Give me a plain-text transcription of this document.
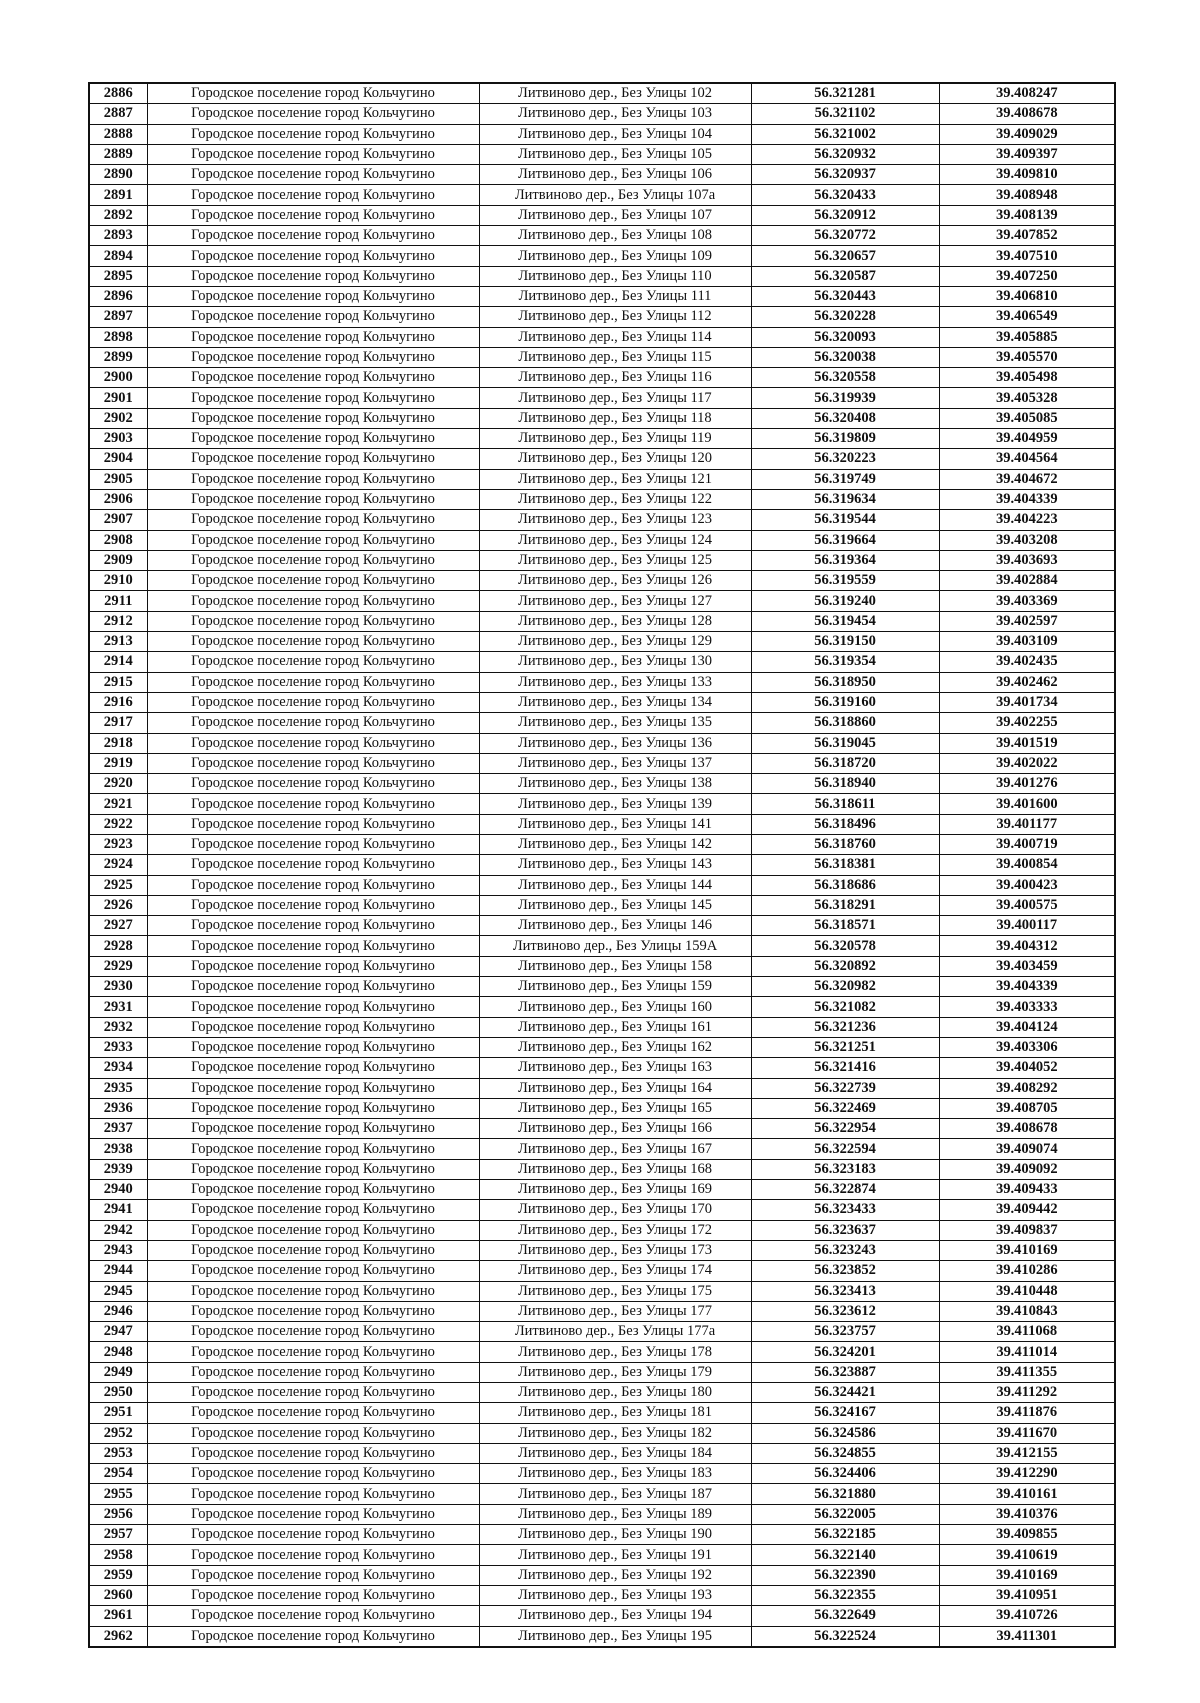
2886	Городское поселение город Кольчугино	Литвиново дер., Без Улицы 102	56.321281	39.408247
2887	Городское поселение город Кольчугино	Литвиново дер., Без Улицы 103	56.321102	39.408678
2888	Городское поселение город Кольчугино	Литвиново дер., Без Улицы 104	56.321002	39.409029
2889	Городское поселение город Кольчугино	Литвиново дер., Без Улицы 105	56.320932	39.409397
2890	Городское поселение город Кольчугино	Литвиново дер., Без Улицы 106	56.320937	39.409810
2891	Городское поселение город Кольчугино	Литвиново дер., Без Улицы 107а	56.320433	39.408948
2892	Городское поселение город Кольчугино	Литвиново дер., Без Улицы 107	56.320912	39.408139
2893	Городское поселение город Кольчугино	Литвиново дер., Без Улицы 108	56.320772	39.407852
2894	Городское поселение город Кольчугино	Литвиново дер., Без Улицы 109	56.320657	39.407510
2895	Городское поселение город Кольчугино	Литвиново дер., Без Улицы 110	56.320587	39.407250
2896	Городское поселение город Кольчугино	Литвиново дер., Без Улицы 111	56.320443	39.406810
2897	Городское поселение город Кольчугино	Литвиново дер., Без Улицы 112	56.320228	39.406549
2898	Городское поселение город Кольчугино	Литвиново дер., Без Улицы 114	56.320093	39.405885
2899	Городское поселение город Кольчугино	Литвиново дер., Без Улицы 115	56.320038	39.405570
2900	Городское поселение город Кольчугино	Литвиново дер., Без Улицы 116	56.320558	39.405498
2901	Городское поселение город Кольчугино	Литвиново дер., Без Улицы 117	56.319939	39.405328
2902	Городское поселение город Кольчугино	Литвиново дер., Без Улицы 118	56.320408	39.405085
2903	Городское поселение город Кольчугино	Литвиново дер., Без Улицы 119	56.319809	39.404959
2904	Городское поселение город Кольчугино	Литвиново дер., Без Улицы 120	56.320223	39.404564
2905	Городское поселение город Кольчугино	Литвиново дер., Без Улицы 121	56.319749	39.404672
2906	Городское поселение город Кольчугино	Литвиново дер., Без Улицы 122	56.319634	39.404339
2907	Городское поселение город Кольчугино	Литвиново дер., Без Улицы 123	56.319544	39.404223
2908	Городское поселение город Кольчугино	Литвиново дер., Без Улицы 124	56.319664	39.403208
2909	Городское поселение город Кольчугино	Литвиново дер., Без Улицы 125	56.319364	39.403693
2910	Городское поселение город Кольчугино	Литвиново дер., Без Улицы 126	56.319559	39.402884
2911	Городское поселение город Кольчугино	Литвиново дер., Без Улицы 127	56.319240	39.403369
2912	Городское поселение город Кольчугино	Литвиново дер., Без Улицы 128	56.319454	39.402597
2913	Городское поселение город Кольчугино	Литвиново дер., Без Улицы 129	56.319150	39.403109
2914	Городское поселение город Кольчугино	Литвиново дер., Без Улицы 130	56.319354	39.402435
2915	Городское поселение город Кольчугино	Литвиново дер., Без Улицы 133	56.318950	39.402462
2916	Городское поселение город Кольчугино	Литвиново дер., Без Улицы 134	56.319160	39.401734
2917	Городское поселение город Кольчугино	Литвиново дер., Без Улицы 135	56.318860	39.402255
2918	Городское поселение город Кольчугино	Литвиново дер., Без Улицы 136	56.319045	39.401519
2919	Городское поселение город Кольчугино	Литвиново дер., Без Улицы 137	56.318720	39.402022
2920	Городское поселение город Кольчугино	Литвиново дер., Без Улицы 138	56.318940	39.401276
2921	Городское поселение город Кольчугино	Литвиново дер., Без Улицы 139	56.318611	39.401600
2922	Городское поселение город Кольчугино	Литвиново дер., Без Улицы 141	56.318496	39.401177
2923	Городское поселение город Кольчугино	Литвиново дер., Без Улицы 142	56.318760	39.400719
2924	Городское поселение город Кольчугино	Литвиново дер., Без Улицы 143	56.318381	39.400854
2925	Городское поселение город Кольчугино	Литвиново дер., Без Улицы 144	56.318686	39.400423
2926	Городское поселение город Кольчугино	Литвиново дер., Без Улицы 145	56.318291	39.400575
2927	Городское поселение город Кольчугино	Литвиново дер., Без Улицы 146	56.318571	39.400117
2928	Городское поселение город Кольчугино	Литвиново дер., Без Улицы 159А	56.320578	39.404312
2929	Городское поселение город Кольчугино	Литвиново дер., Без Улицы 158	56.320892	39.403459
2930	Городское поселение город Кольчугино	Литвиново дер., Без Улицы 159	56.320982	39.404339
2931	Городское поселение город Кольчугино	Литвиново дер., Без Улицы 160	56.321082	39.403333
2932	Городское поселение город Кольчугино	Литвиново дер., Без Улицы 161	56.321236	39.404124
2933	Городское поселение город Кольчугино	Литвиново дер., Без Улицы 162	56.321251	39.403306
2934	Городское поселение город Кольчугино	Литвиново дер., Без Улицы 163	56.321416	39.404052
2935	Городское поселение город Кольчугино	Литвиново дер., Без Улицы 164	56.322739	39.408292
2936	Городское поселение город Кольчугино	Литвиново дер., Без Улицы 165	56.322469	39.408705
2937	Городское поселение город Кольчугино	Литвиново дер., Без Улицы 166	56.322954	39.408678
2938	Городское поселение город Кольчугино	Литвиново дер., Без Улицы 167	56.322594	39.409074
2939	Городское поселение город Кольчугино	Литвиново дер., Без Улицы 168	56.323183	39.409092
2940	Городское поселение город Кольчугино	Литвиново дер., Без Улицы 169	56.322874	39.409433
2941	Городское поселение город Кольчугино	Литвиново дер., Без Улицы 170	56.323433	39.409442
2942	Городское поселение город Кольчугино	Литвиново дер., Без Улицы 172	56.323637	39.409837
2943	Городское поселение город Кольчугино	Литвиново дер., Без Улицы 173	56.323243	39.410169
2944	Городское поселение город Кольчугино	Литвиново дер., Без Улицы 174	56.323852	39.410286
2945	Городское поселение город Кольчугино	Литвиново дер., Без Улицы 175	56.323413	39.410448
2946	Городское поселение город Кольчугино	Литвиново дер., Без Улицы 177	56.323612	39.410843
2947	Городское поселение город Кольчугино	Литвиново дер., Без Улицы 177а	56.323757	39.411068
2948	Городское поселение город Кольчугино	Литвиново дер., Без Улицы 178	56.324201	39.411014
2949	Городское поселение город Кольчугино	Литвиново дер., Без Улицы 179	56.323887	39.411355
2950	Городское поселение город Кольчугино	Литвиново дер., Без Улицы 180	56.324421	39.411292
2951	Городское поселение город Кольчугино	Литвиново дер., Без Улицы 181	56.324167	39.411876
2952	Городское поселение город Кольчугино	Литвиново дер., Без Улицы 182	56.324586	39.411670
2953	Городское поселение город Кольчугино	Литвиново дер., Без Улицы 184	56.324855	39.412155
2954	Городское поселение город Кольчугино	Литвиново дер., Без Улицы 183	56.324406	39.412290
2955	Городское поселение город Кольчугино	Литвиново дер., Без Улицы 187	56.321880	39.410161
2956	Городское поселение город Кольчугино	Литвиново дер., Без Улицы 189	56.322005	39.410376
2957	Городское поселение город Кольчугино	Литвиново дер., Без Улицы 190	56.322185	39.409855
2958	Городское поселение город Кольчугино	Литвиново дер., Без Улицы 191	56.322140	39.410619
2959	Городское поселение город Кольчугино	Литвиново дер., Без Улицы 192	56.322390	39.410169
2960	Городское поселение город Кольчугино	Литвиново дер., Без Улицы 193	56.322355	39.410951
2961	Городское поселение город Кольчугино	Литвиново дер., Без Улицы 194	56.322649	39.410726
2962	Городское поселение город Кольчугино	Литвиново дер., Без Улицы 195	56.322524	39.411301
